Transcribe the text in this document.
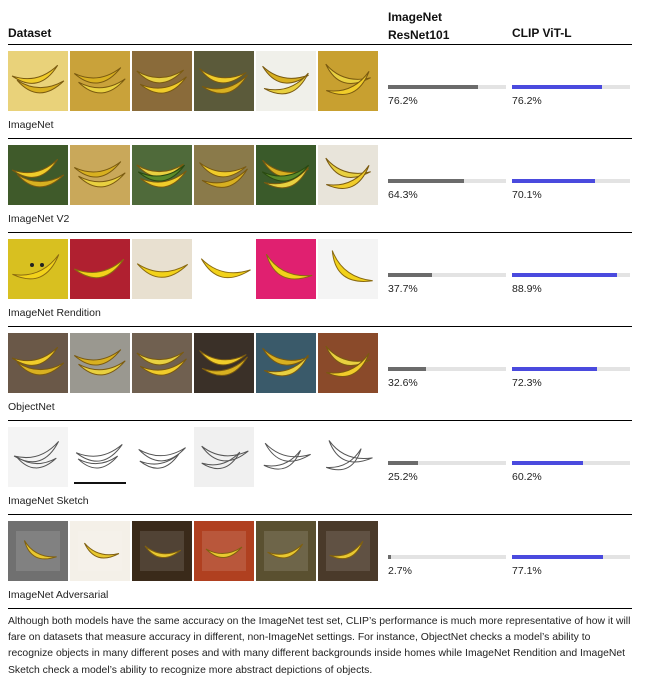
Dataset
ImageNet
ResNet101	CLIP ViT-L
ImageNet
76.2%	76.2%
ImageNet V2
64.3%	70.1%
ImageNet Rendition
37.7%	88.9%
ObjectNet
32.6%	72.3%
ImageNet Sketch
25.2%	60.2%
ImageNet Adversarial
2.7%	77.1%
Although both models have the same accuracy on the ImageNet test set, CLIP’s performance is much more representative of how it will fare on datasets that measure accuracy in different, non-ImageNet settings. For instance, ObjectNet checks a model’s ability to recognize objects in many different poses and with many different backgrounds inside homes while ImageNet Rendition and ImageNet Sketch check a model’s ability to recognize more abstract depictions of objects.
